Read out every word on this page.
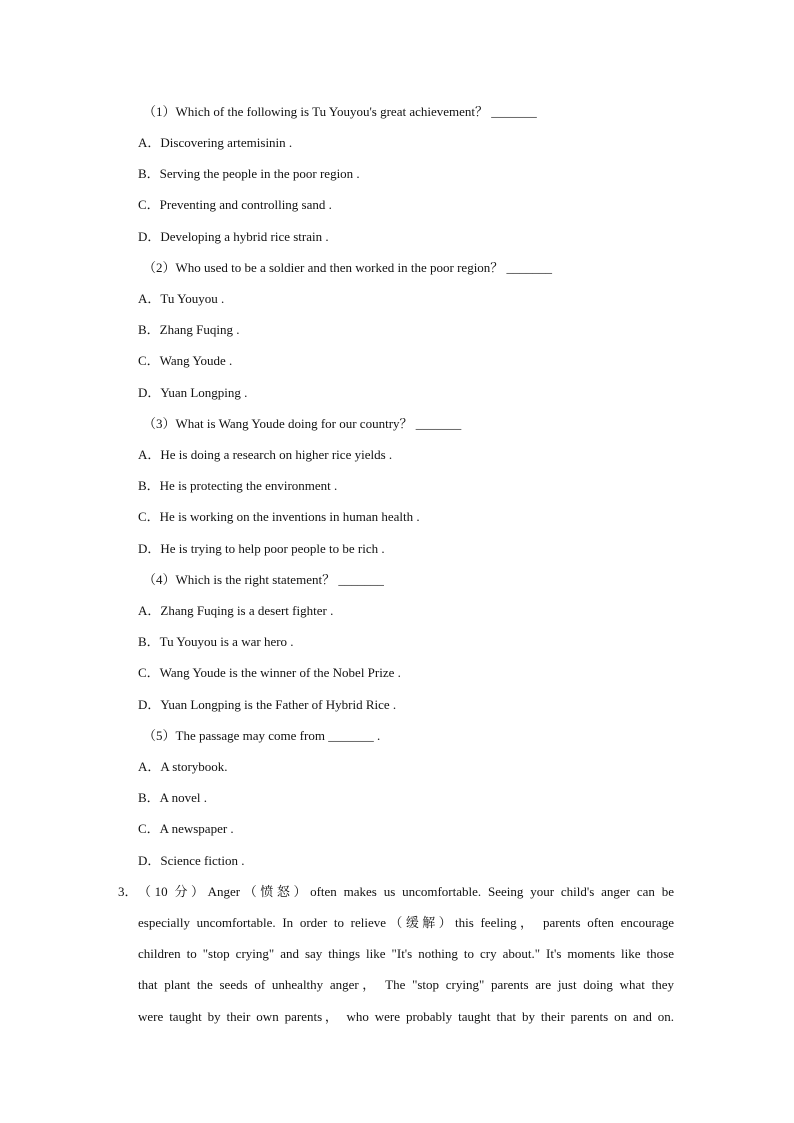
（1）Which of the following is Tu Youyou's great achievement？ _______
A．Discovering artemisinin .
B．Serving the people in the poor region .
C．Preventing and controlling sand .
D．Developing a hybrid rice strain .
（2）Who used to be a soldier and then worked in the poor region？ _______
A．Tu Youyou .
B．Zhang Fuqing .
C．Wang Youde .
D．Yuan Longping .
（3）What is Wang Youde doing for our country？ _______
A．He is doing a research on higher rice yields .
B．He is protecting the environment .
C．He is working on the inventions in human health .
D．He is trying to help poor people to be rich .
（4）Which is the right statement？ _______
A．Zhang Fuqing is a desert fighter .
B．Tu Youyou is a war hero .
C．Wang Youde is the winner of the Nobel Prize .
D．Yuan Longping is the Father of Hybrid Rice .
（5）The passage may come from _______ .
A．A storybook.
B．A novel .
C．A newspaper .
D．Science fiction .
3． （10 分）Anger（愤怒）often makes us uncomfortable. Seeing your child's anger can be
especially uncomfortable. In order to relieve（缓解）this feeling， parents often encourage
children to "stop crying" and say things like "It's nothing to cry about." It's moments like those
that plant the seeds of unhealthy anger， The "stop crying" parents are just doing what they
were taught by their own parents， who were probably taught that by their parents on and on.
